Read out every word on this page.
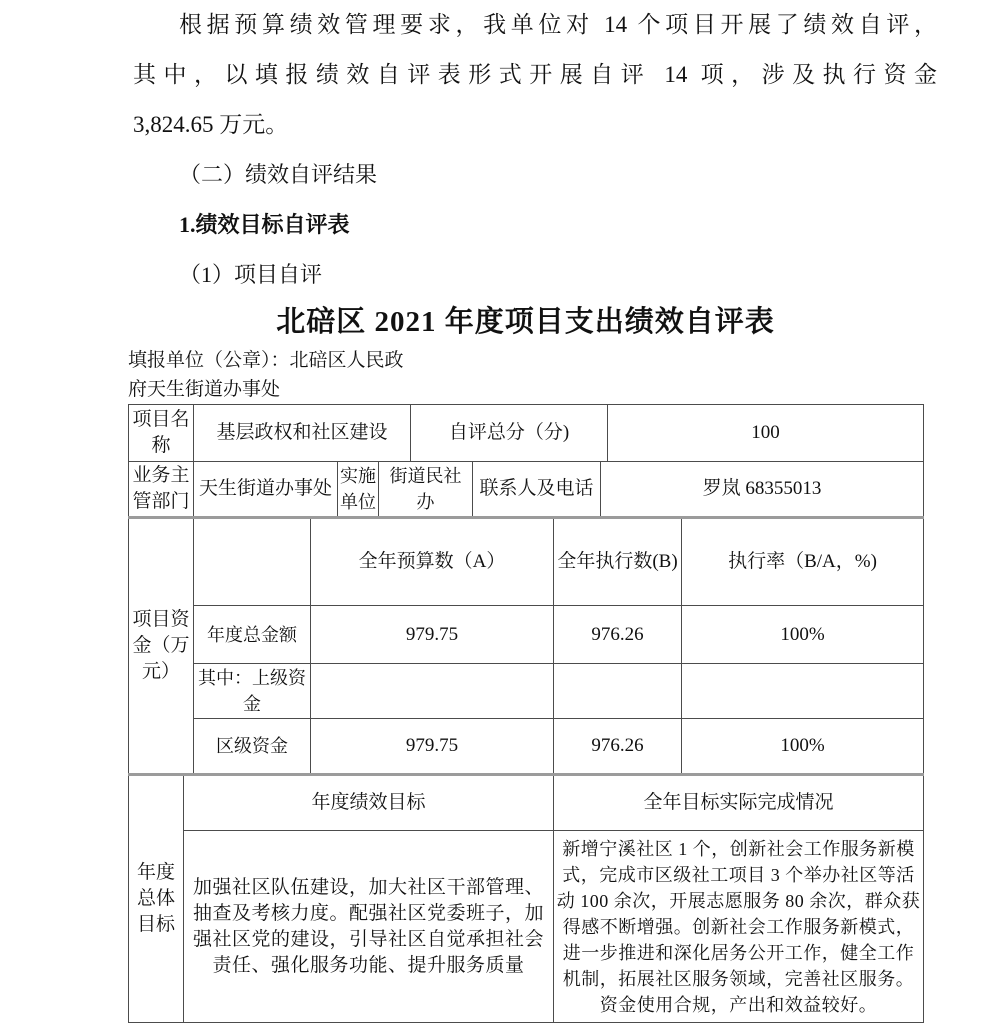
根据预算绩效管理要求，我单位对 14 个项目开展了绩效自评，
其中，以填报绩效自评表形式开展自评 14 项，涉及执行资金
3,824.65 万元。
（二）绩效自评结果
1.绩效目标自评表
（1）项目自评
北碚区 2021 年度项目支出绩效自评表
填报单位（公章）：北碚区人民政
府天生街道办事处
项目名称	基层政权和社区建设			自评总分（分)			100
业务主管部门	天生街道办事处	实施单位	街道民社办		联系人及电话	罗岚 68355013	
项目资金（万元）		全年预算数（A）	全年执行数(B)	执行率（B/A，%)
	年度总金额	979.75	976.26	100%
	其中：上级资金			
	区级资金	979.75	976.26	100%
年度总体目标	年度绩效目标	全年目标实际完成情况
	加强社区队伍建设，加大社区干部管理、抽查及考核力度。配强社区党委班子，加强社区党的建设，引导社区自觉承担社会责任、强化服务功能、提升服务质量	新增宁溪社区 1 个，创新社会工作服务新模式，完成市区级社工项目 3 个举办社区等活动 100 余次，开展志愿服务 80 余次，群众获得感不断增强。创新社会工作服务新模式，进一步推进和深化居务公开工作，健全工作机制，拓展社区服务领域，完善社区服务。资金使用合规，产出和效益较好。
